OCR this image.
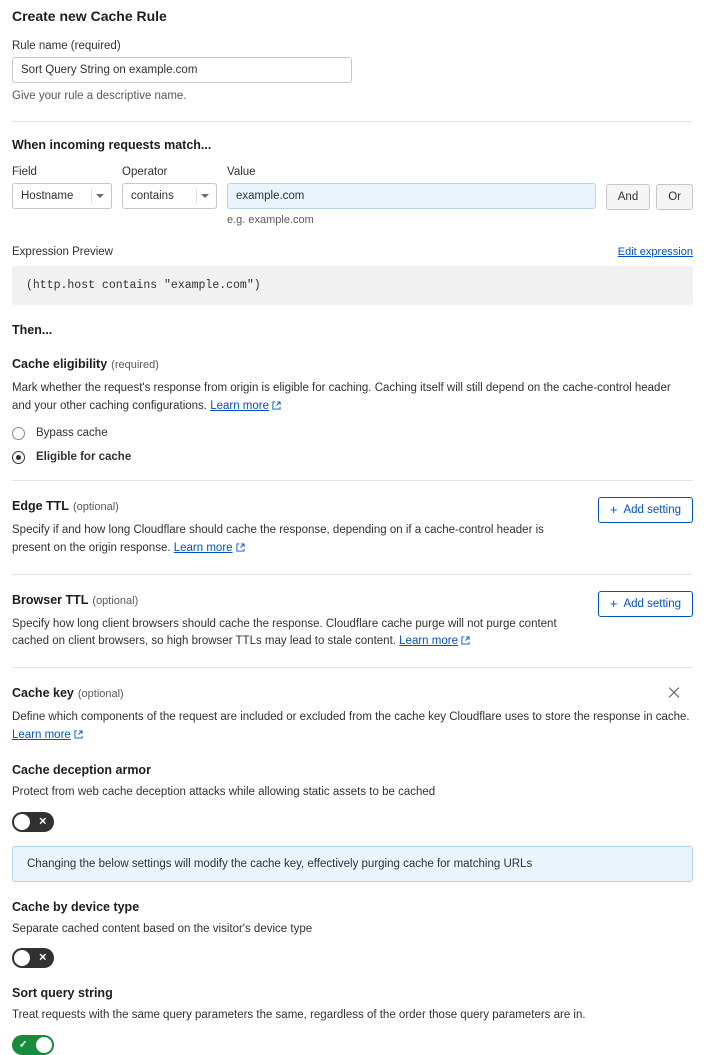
Create new Cache Rule
Rule name (required)
Sort Query String on example.com
Give your rule a descriptive name.
When incoming requests match...
Field
Hostname
Operator
contains
Value
example.com
e.g. example.com
And	Or
Expression Preview	Edit expression
(http.host contains "example.com")
Then...
Cache eligibility (required)
Mark whether the request's response from origin is eligible for caching. Caching itself will still depend on the cache-control header and your other caching configurations. Learn more
Bypass cache
Eligible for cache
Edge TTL (optional)
Specify if and how long Cloudflare should cache the response, depending on if a cache-control header is present on the origin response. Learn more
+ Add setting
Browser TTL (optional)
Specify how long client browsers should cache the response. Cloudflare cache purge will not purge content cached on client browsers, so high browser TTLs may lead to stale content. Learn more
+ Add setting
Cache key (optional)
Define which components of the request are included or excluded from the cache key Cloudflare uses to store the response in cache. Learn more
Cache deception armor
Protect from web cache deception attacks while allowing static assets to be cached
✕
Changing the below settings will modify the cache key, effectively purging cache for matching URLs
Cache by device type
Separate cached content based on the visitor's device type
✕
Sort query string
Treat requests with the same query parameters the same, regardless of the order those query parameters are in.
✓
